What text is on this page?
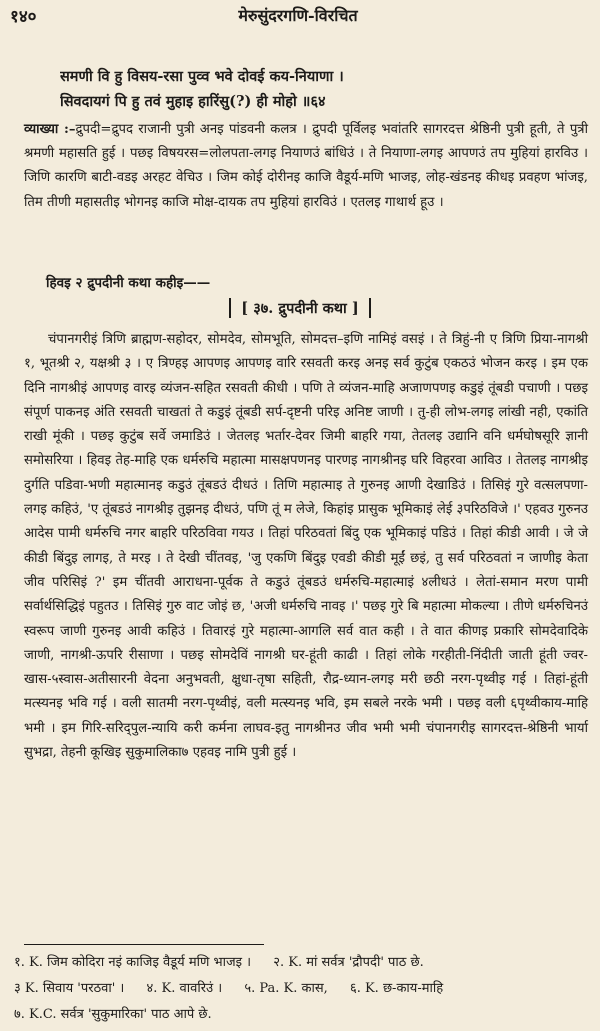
१४०	मेरुसुंदरगणि-विरचित
समणी वि हु विसय-रसा पुव्व भवे दोवई कय-नियाणा ।
सिवदायगं पि हु तवं मुहाइ हारिंसु(?) ही मोहो ॥६४
व्याख्या :–द्रुपदी=द्रुपद राजानी पुत्री अनइ पांडवनी कलत्र । द्रुपदी पूर्विलइ भवांतरि सागरदत्त श्रेष्ठिनी पुत्री हूती, ते पुत्री श्रमणी महासति हुई । पछइ विषयरस=लोलपता-लगइ नियाणउं बांधिउं । ते नियाणा-लगइ आपणउं तप मुहियां हारविउ । जिणि कारणि बाटी-वडइ अरहट वेचिउ । जिम कोई दोरीनइ काजि वैडूर्य-मणि भाजइ, लोह-खंडनइ कीधइ प्रवहण भांजइ, तिम तीणी महासतीइ भोगनइ काजि मोक्ष-दायक तप मुहियां हारविउं । एतलइ गाथार्थ हूउ ।
हिवइ २ द्रुपदीनी कथा कहीइ——
[ ३७. द्रुपदीनी कथा ]

चंपानगरीइं त्रिणि ब्राह्मण-सहोदर, सोमदेव, सोमभूति, सोमदत्त–इणि नामिइं वसइं । ते त्रिहुं-नी ए त्रिणि प्रिया-नागश्री १, भूतश्री २, यक्षश्री ३ । ए त्रिण्हइ आपणइ आपणइ वारि रसवती करइ अनइ सर्व कुटुंब एकठउं भोजन करइ । इम एक दिनि नागश्रीइं आपणइ वारइ व्यंजन-सहित रसवती कीधी । पणि ते व्यंजन-माहि अजाणपणइ कडुइं तूंबडी पचाणी । पछइ संपूर्ण पाकनइ अंति रसवती चाखतां ते कडुइं तूंबडी सर्प-दृष्टनी परिइ अनिष्ट जाणी । तु-ही लोभ-लगइ लांखी नही, एकांति राखी मूंकी । पछइ कुटुंब सर्वे जमाडिउं । जेतलइ भर्तार-देवर जिमी बाहरि गया, तेतलइ उद्यानि वनि धर्मघोषसूरि ज्ञानी समोसरिया । हिवइ तेह-माहि एक धर्मरुचि महात्मा मासक्षपणनइ पारणइ नागश्रीनइ घरि विहरवा आविउ । तेतलइ नागश्रीइ दुर्गति पडिवा-भणी महात्मानइ कडुउं तूंबडउं दीधउं । तिणि महात्माइ ते गुरुनइ आणी देखाडिउं । तिसिइं गुरे वत्सलपणा-लगइ कहिउं, 'ए तूंबडउं नागश्रीइ तुझनइ दीधउं, पणि तूं म लेजे, किहांइ प्रासुक भूमिकाइं लेई ३परिठविजे ।' एहवउ गुरुनउ आदेस पामी धर्मरुचि नगर बाहरि परिठविवा गयउ । तिहां परिठवतां बिंदु एक भूमिकाइं पडिउं । तिहां कीडी आवी । जे जे कीडी बिंदुइ लागइ, ते मरइ । ते देखी चींतवइ, 'जु एकणि बिंदुइ एवडी कीडी मूईं छइं, तु सर्व परिठवतां न जाणीइ केता जीव परिसिइं ?' इम चींतवी आराधना-पूर्वक ते कडुउं तूंबडउं धर्मरुचि-महात्माइं ४लीधउं । लेतां-समान मरण पामी सर्वार्थसिद्धिइं पहुतउ । तिसिइं गुरु वाट जोइं छ, 'अजी धर्मरुचि नावइ ।' पछइ गुरे बि महात्मा मोकल्या । तीणे धर्मरुचिनउं स्वरूप जाणी गुरुनइ आवी कहिउं । तिवारइं गुरे महात्मा-आगलि सर्व वात कही । ते वात कीणइ प्रकारि सोमदेवादिके जाणी, नागश्री-ऊपरि रीसाणा । पछइ सोमदेविं नागश्री घर-हूंती काढी । तिहां लोके गरहीती-निंदीती जाती हूंती ज्वर-खास-५स्वास-अतीसारनी वेदना अनुभवती, क्षुधा-तृषा सहिती, रौद्र-ध्यान-लगइ मरी छठी नरग-पृथ्वीइ गई । तिहां-हूंती मत्स्यनइ भवि गई । वली सातमी नरग-पृथ्वीइं, वली मत्स्यनइ भवि, इम सबले नरके भमी । पछइ वली ६पृथ्वीकाय-माहि भमी । इम गिरि-सरिद्पुल-न्यायि करी कर्मना लाघव-इतु नागश्रीनउ जीव भमी भमी चंपानगरीइ सागरदत्त-श्रेष्ठिनी भार्या सुभद्रा, तेहनी कूखिइ सुकुमालिका७ एहवइ नामि पुत्री हुई ।

१. K. जिम कोदिरा नइं काजिइ वैडूर्य मणि भाजइ । २. K. मां सर्वत्र 'द्रौपदी' पाठ छे.
३ K. सिवाय 'परठवा' । ४. K. वावरिउं । ५. Pa. K. कास, ६. K. छ-काय-माहि
७. K.C. सर्वत्र 'सुकुमारिका' पाठ आपे छे.
